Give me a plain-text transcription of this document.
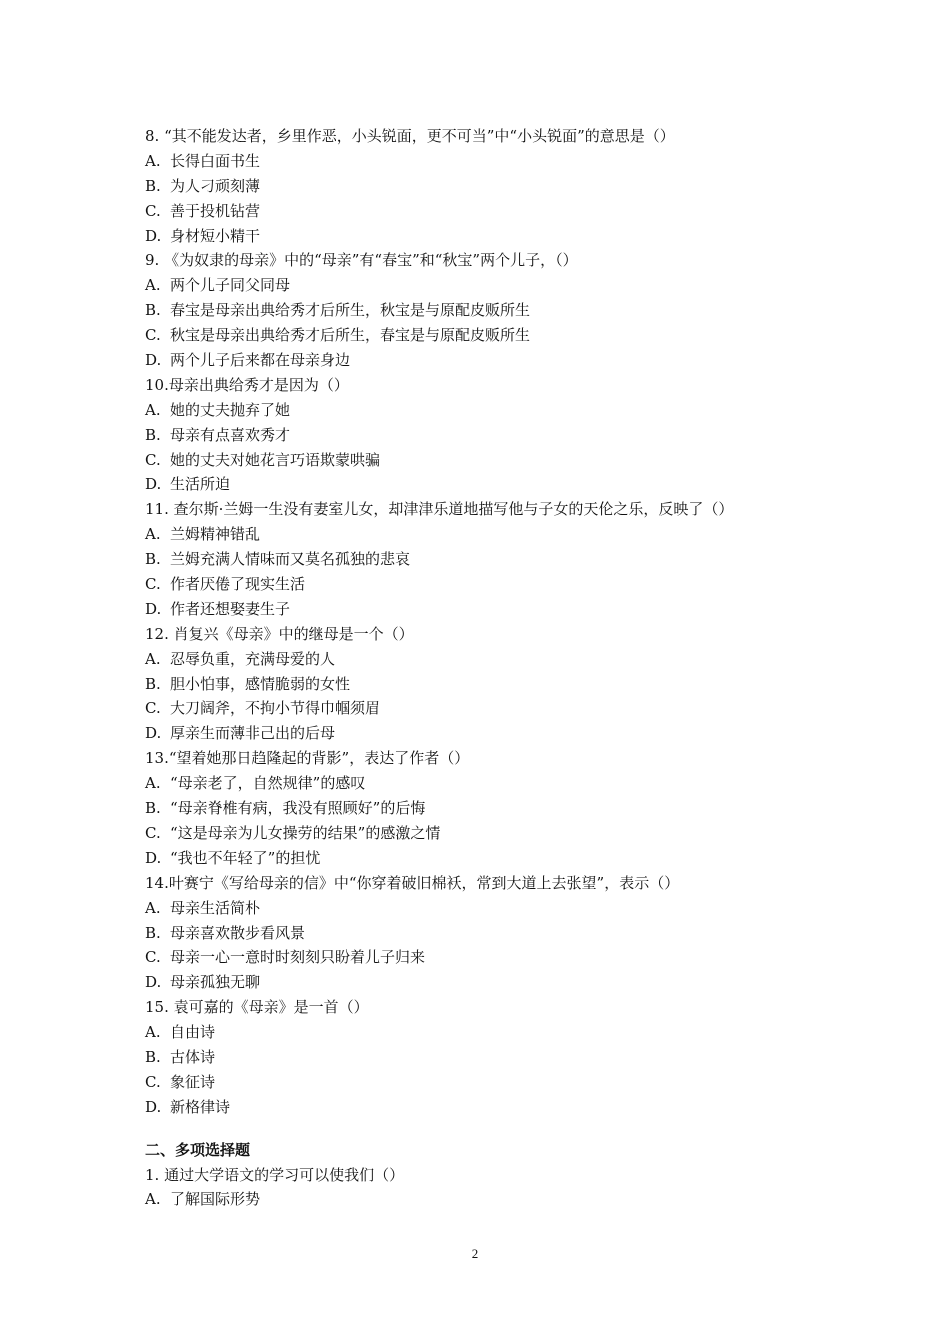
8. “其不能发达者，乡里作恶，小头锐面，更不可当”中“小头锐面”的意思是（）
A. 长得白面书生
B. 为人刁顽刻薄
C. 善于投机钻营
D. 身材短小精干
9. 《为奴隶的母亲》中的“母亲”有“春宝”和“秋宝”两个儿子，（）
A. 两个儿子同父同母
B. 春宝是母亲出典给秀才后所生，秋宝是与原配皮贩所生
C. 秋宝是母亲出典给秀才后所生，春宝是与原配皮贩所生
D. 两个儿子后来都在母亲身边
10.母亲出典给秀才是因为（）
A. 她的丈夫抛弃了她
B. 母亲有点喜欢秀才
C. 她的丈夫对她花言巧语欺蒙哄骗
D. 生活所迫
11. 查尔斯·兰姆一生没有妻室儿女，却津津乐道地描写他与子女的天伦之乐，反映了（）
A. 兰姆精神错乱
B. 兰姆充满人情味而又莫名孤独的悲哀
C. 作者厌倦了现实生活
D. 作者还想娶妻生子
12. 肖复兴《母亲》中的继母是一个（）
A. 忍辱负重，充满母爱的人
B. 胆小怕事，感情脆弱的女性
C. 大刀阔斧，不拘小节得巾帼须眉
D. 厚亲生而薄非己出的后母
13.“望着她那日趋隆起的背影”，表达了作者（）
A. “母亲老了，自然规律”的感叹
B. “母亲脊椎有病，我没有照顾好”的后悔
C. “这是母亲为儿女操劳的结果”的感激之情
D. “我也不年轻了”的担忧
14.叶赛宁《写给母亲的信》中“你穿着破旧棉袄，常到大道上去张望”，表示（）
A. 母亲生活简朴
B. 母亲喜欢散步看风景
C. 母亲一心一意时时刻刻只盼着儿子归来
D. 母亲孤独无聊
15. 袁可嘉的《母亲》是一首（）
A. 自由诗
B. 古体诗
C. 象征诗
D. 新格律诗
二、多项选择题
1. 通过大学语文的学习可以使我们（）
A. 了解国际形势
2
